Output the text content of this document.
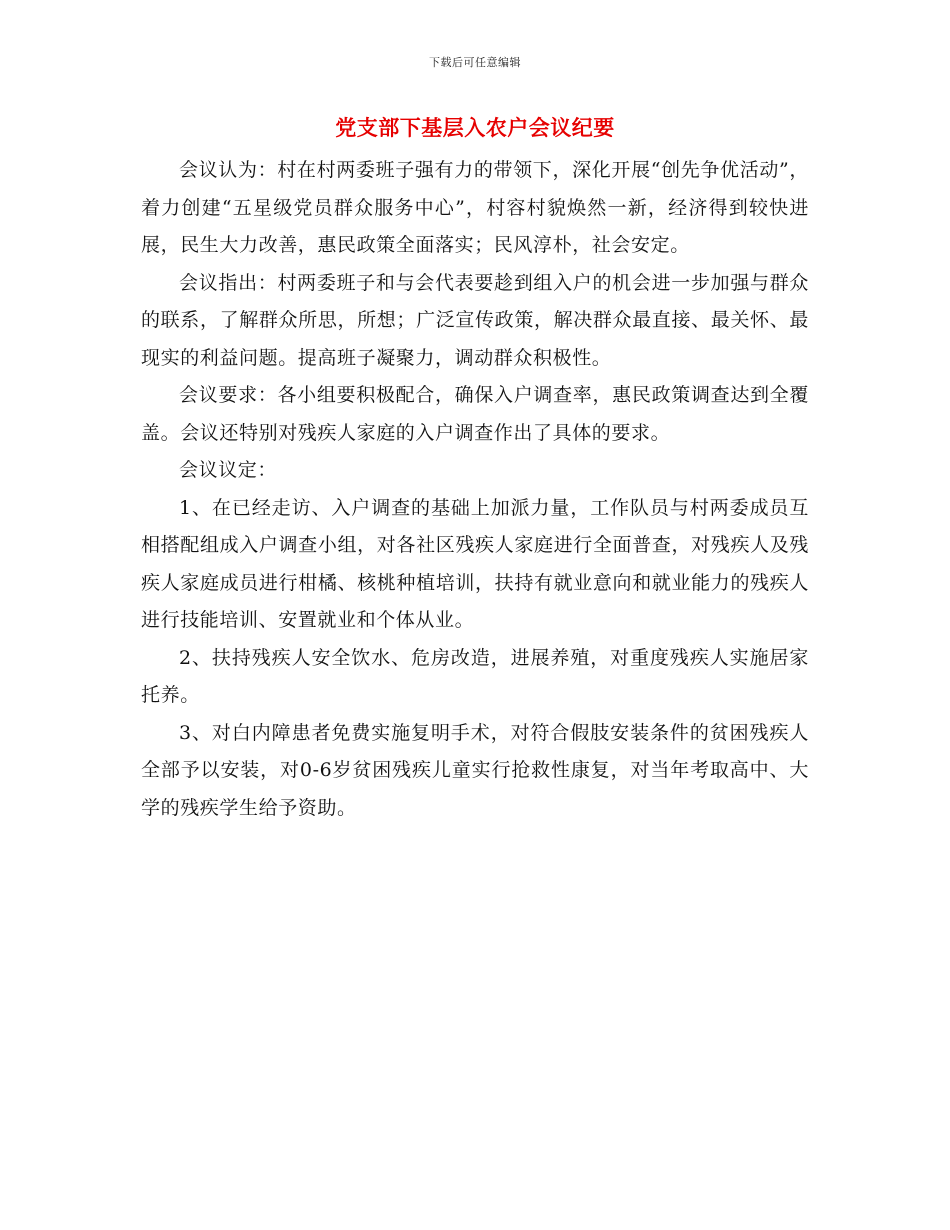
下载后可任意编辑
党支部下基层入农户会议纪要

会议认为：村在村两委班子强有力的带领下，深化开展“创先争优活动”，着力创建“五星级党员群众服务中心”，村容村貌焕然一新，经济得到较快进展，民生大力改善，惠民政策全面落实；民风淳朴，社会安定。

会议指出：村两委班子和与会代表要趁到组入户的机会进一步加强与群众的联系，了解群众所思，所想；广泛宣传政策，解决群众最直接、最关怀、最现实的利益问题。提高班子凝聚力，调动群众积极性。

会议要求：各小组要积极配合，确保入户调查率，惠民政策调查达到全覆盖。会议还特别对残疾人家庭的入户调查作出了具体的要求。

会议议定：

1、在已经走访、入户调查的基础上加派力量，工作队员与村两委成员互相搭配组成入户调查小组，对各社区残疾人家庭进行全面普查，对残疾人及残疾人家庭成员进行柑橘、核桃种植培训，扶持有就业意向和就业能力的残疾人进行技能培训、安置就业和个体从业。

2、扶持残疾人安全饮水、危房改造，进展养殖，对重度残疾人实施居家托养。

3、对白内障患者免费实施复明手术，对符合假肢安装条件的贫困残疾人全部予以安装，对0-6岁贫困残疾儿童实行抢救性康复，对当年考取高中、大学的残疾学生给予资助。
